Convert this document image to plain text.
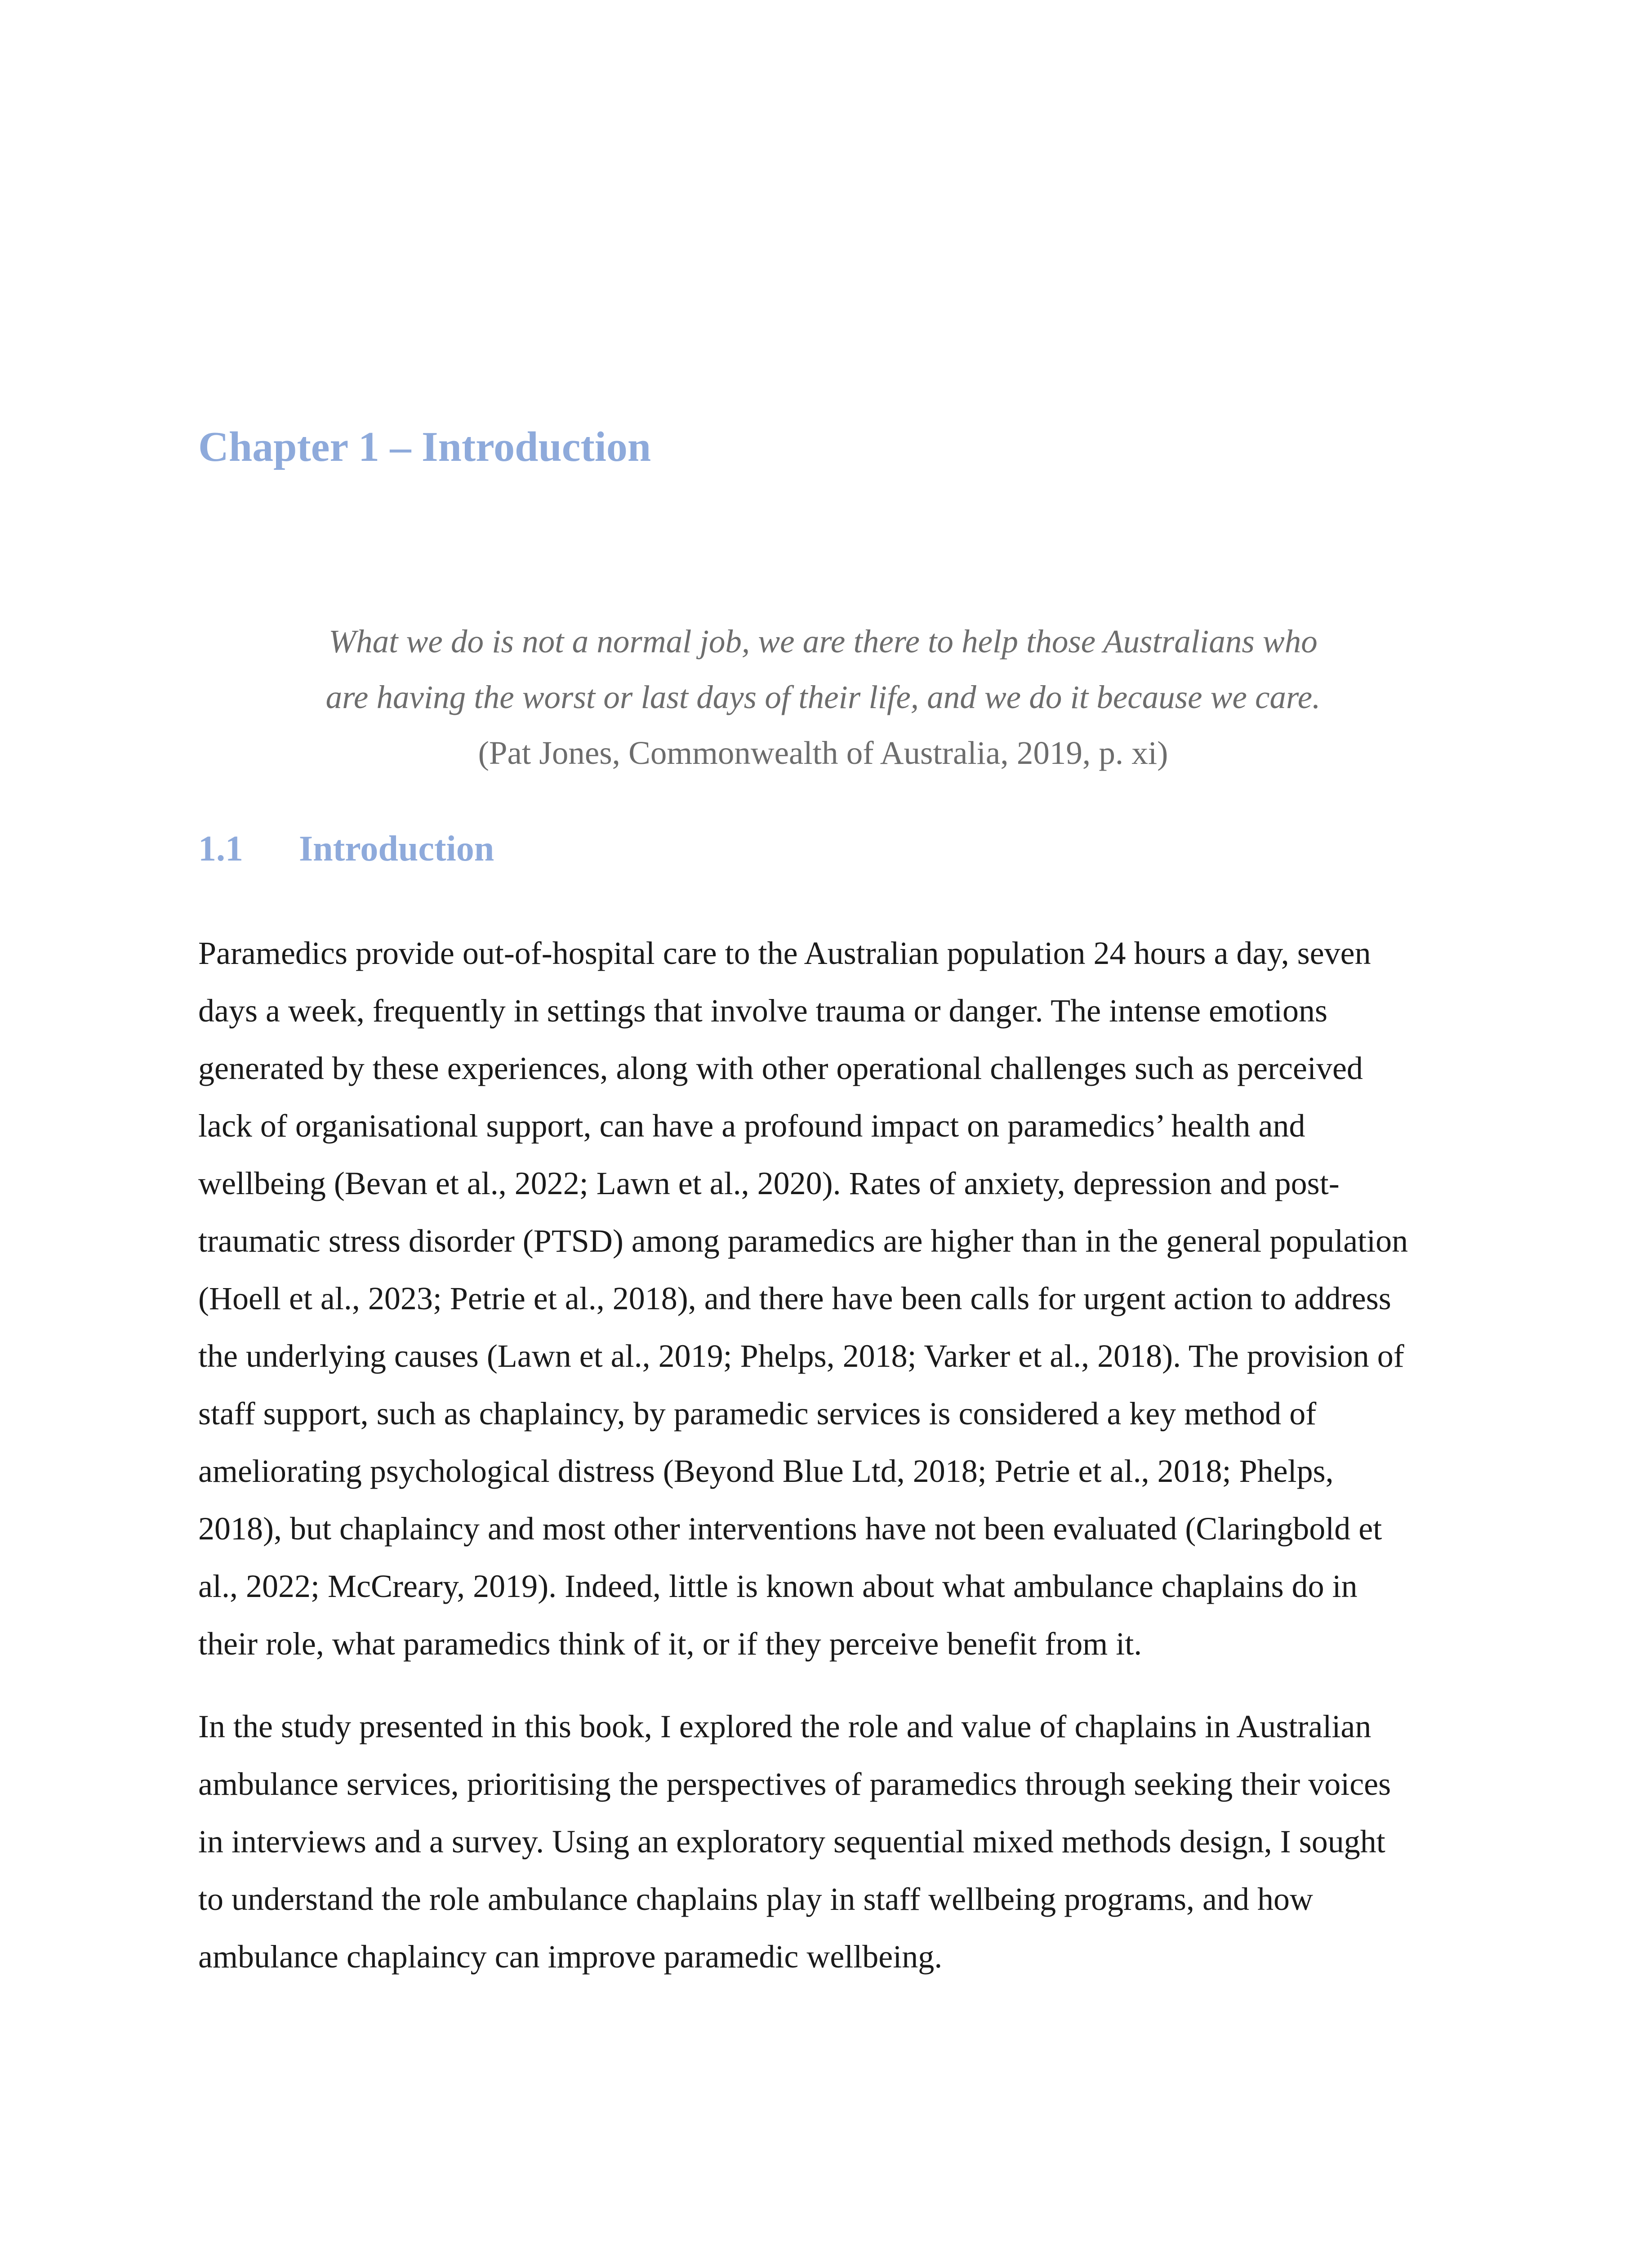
Chapter 1 – Introduction
What we do is not a normal job, we are there to help those Australians who
are having the worst or last days of their life, and we do it because we care.
(Pat Jones, Commonwealth of Australia, 2019, p. xi)
1.1 Introduction

Paramedics provide out-of-hospital care to the Australian population 24 hours a day, seven
days a week, frequently in settings that involve trauma or danger. The intense emotions
generated by these experiences, along with other operational challenges such as perceived
lack of organisational support, can have a profound impact on paramedics’ health and
wellbeing (Bevan et al., 2022; Lawn et al., 2020). Rates of anxiety, depression and post-
traumatic stress disorder (PTSD) among paramedics are higher than in the general population
(Hoell et al., 2023; Petrie et al., 2018), and there have been calls for urgent action to address
the underlying causes (Lawn et al., 2019; Phelps, 2018; Varker et al., 2018). The provision of
staff support, such as chaplaincy, by paramedic services is considered a key method of
ameliorating psychological distress (Beyond Blue Ltd, 2018; Petrie et al., 2018; Phelps,
2018), but chaplaincy and most other interventions have not been evaluated (Claringbold et
al., 2022; McCreary, 2019). Indeed, little is known about what ambulance chaplains do in
their role, what paramedics think of it, or if they perceive benefit from it.

In the study presented in this book, I explored the role and value of chaplains in Australian
ambulance services, prioritising the perspectives of paramedics through seeking their voices
in interviews and a survey. Using an exploratory sequential mixed methods design, I sought
to understand the role ambulance chaplains play in staff wellbeing programs, and how
ambulance chaplaincy can improve paramedic wellbeing.
